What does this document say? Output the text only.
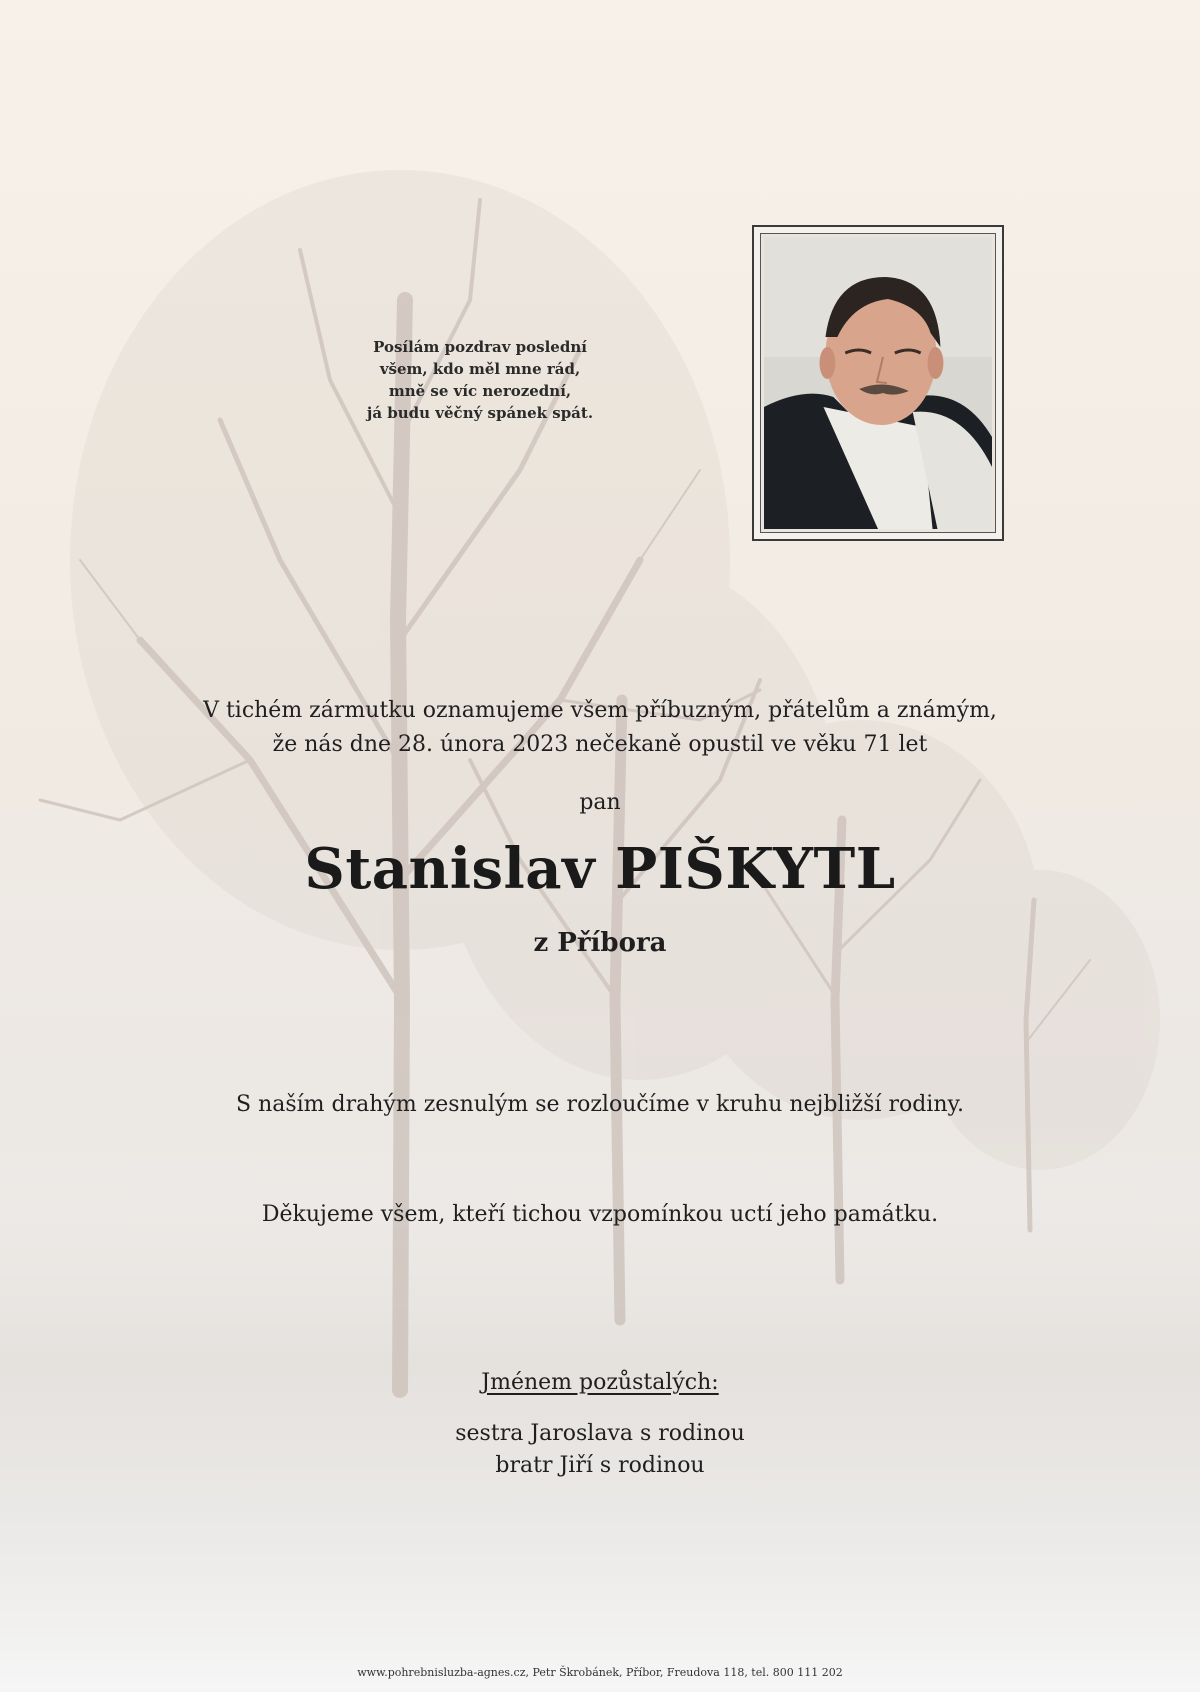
Posílám pozdrav poslední
všem, kdo měl mne rád,
mně se víc nerozední,
já budu věčný spánek spát.
V tichém zármutku oznamujeme všem příbuzným, přátelům a známým,
že nás dne 28. února 2023 nečekaně opustil ve věku 71 let
pan
Stanislav PIŠKYTL
z Příbora
S naším drahým zesnulým se rozloučíme v kruhu nejbližší rodiny.
Děkujeme všem, kteří tichou vzpomínkou uctí jeho památku.
Jménem pozůstalých:
sestra Jaroslava s rodinou
bratr Jiří s rodinou
www.pohrebnisluzba-agnes.cz, Petr Škrobánek, Příbor, Freudova 118, tel. 800 111 202
